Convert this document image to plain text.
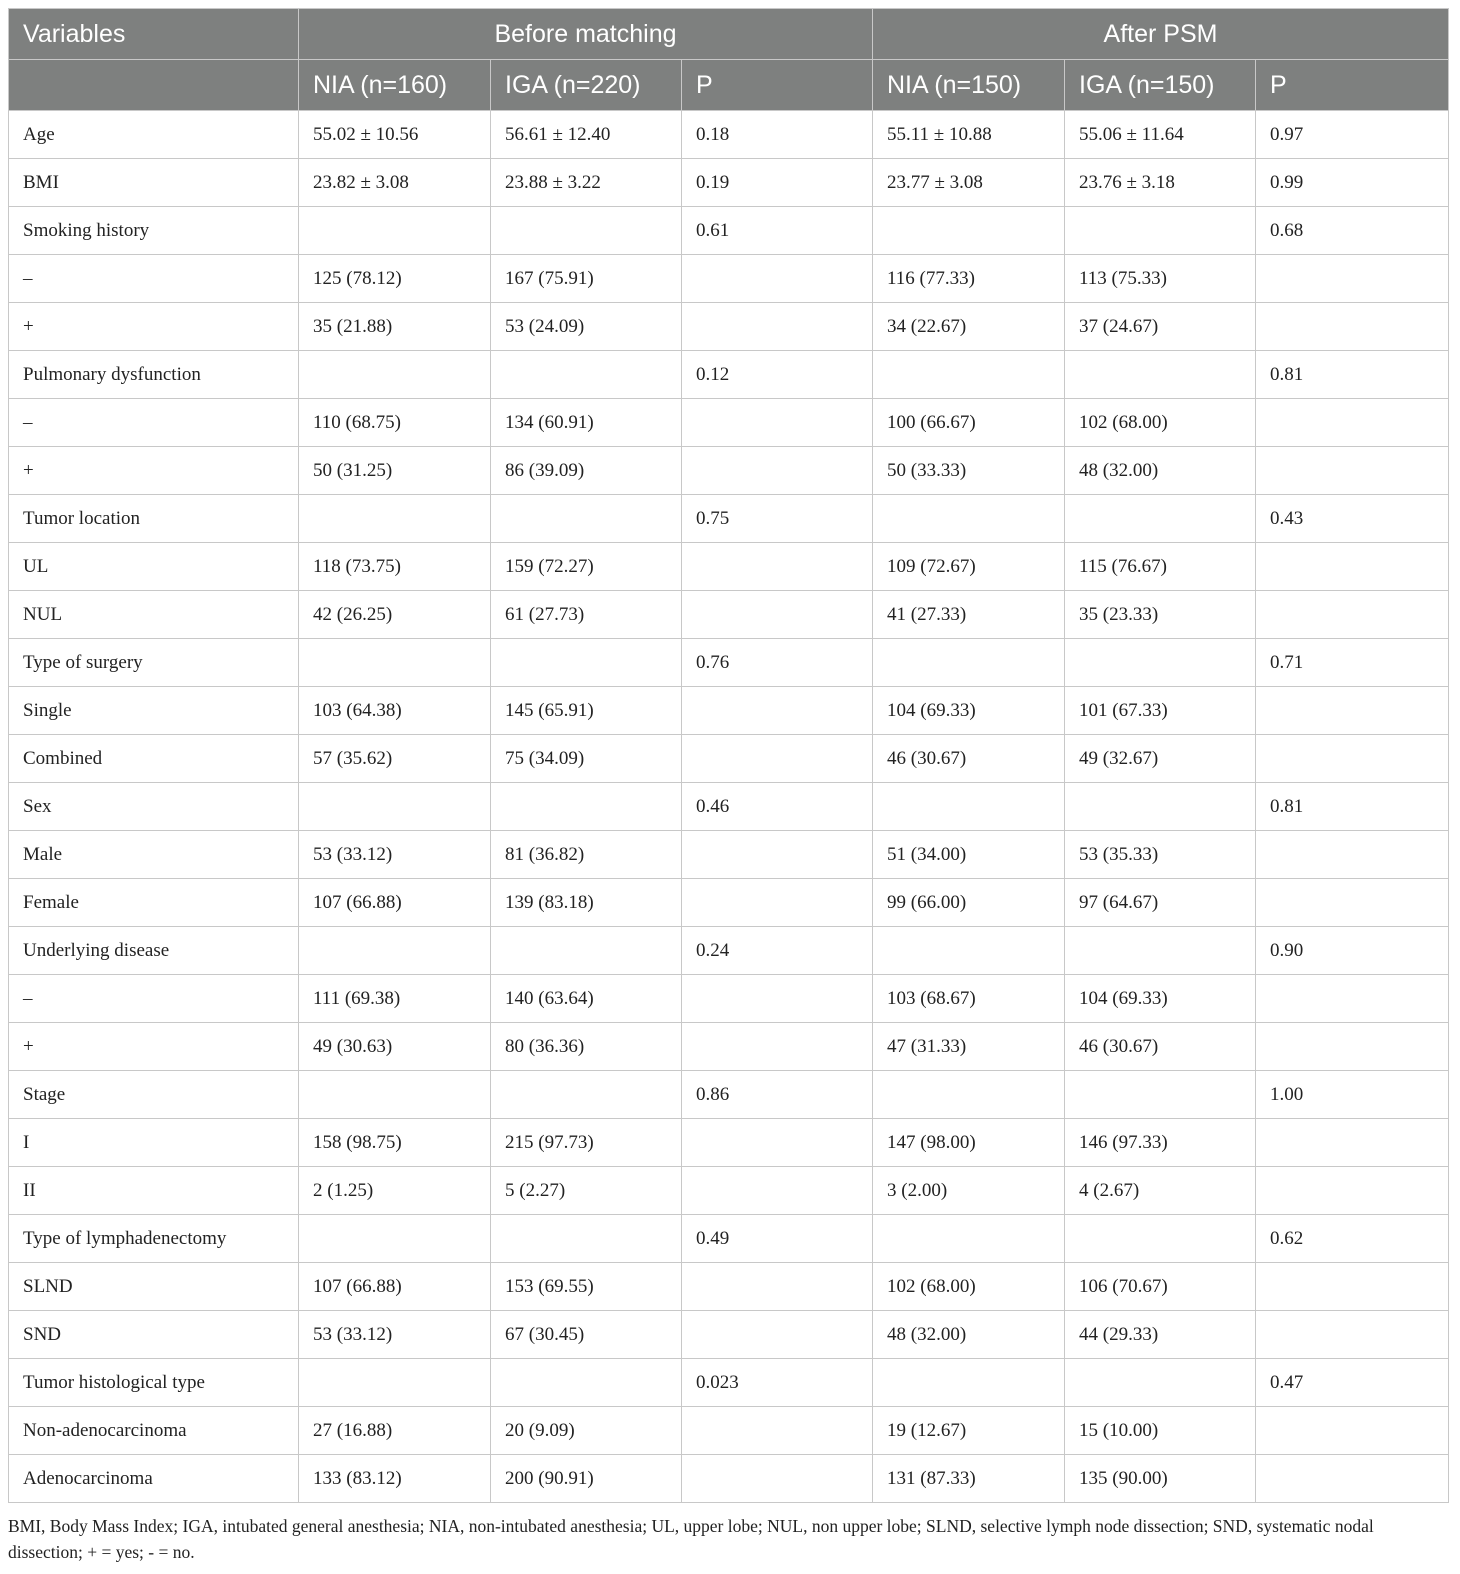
Variables	Before matching			After PSM		
	NIA (n=160)	IGA (n=220)	P	NIA (n=150)	IGA (n=150)	P
Age	55.02 ± 10.56	56.61 ± 12.40	0.18	55.11 ± 10.88	55.06 ± 11.64	0.97
BMI	23.82 ± 3.08	23.88 ± 3.22	0.19	23.77 ± 3.08	23.76 ± 3.18	0.99
Smoking history			0.61			0.68
–	125 (78.12)	167 (75.91)		116 (77.33)	113 (75.33)	
+	35 (21.88)	53 (24.09)		34 (22.67)	37 (24.67)	
Pulmonary dysfunction			0.12			0.81
–	110 (68.75)	134 (60.91)		100 (66.67)	102 (68.00)	
+	50 (31.25)	86 (39.09)		50 (33.33)	48 (32.00)	
Tumor location			0.75			0.43
UL	118 (73.75)	159 (72.27)		109 (72.67)	115 (76.67)	
NUL	42 (26.25)	61 (27.73)		41 (27.33)	35 (23.33)	
Type of surgery			0.76			0.71
Single	103 (64.38)	145 (65.91)		104 (69.33)	101 (67.33)	
Combined	57 (35.62)	75 (34.09)		46 (30.67)	49 (32.67)	
Sex			0.46			0.81
Male	53 (33.12)	81 (36.82)		51 (34.00)	53 (35.33)	
Female	107 (66.88)	139 (83.18)		99 (66.00)	97 (64.67)	
Underlying disease			0.24			0.90
–	111 (69.38)	140 (63.64)		103 (68.67)	104 (69.33)	
+	49 (30.63)	80 (36.36)		47 (31.33)	46 (30.67)	
Stage			0.86			1.00
I	158 (98.75)	215 (97.73)		147 (98.00)	146 (97.33)	
II	2 (1.25)	5 (2.27)		3 (2.00)	4 (2.67)	
Type of lymphadenectomy			0.49			0.62
SLND	107 (66.88)	153 (69.55)		102 (68.00)	106 (70.67)	
SND	53 (33.12)	67 (30.45)		48 (32.00)	44 (29.33)	
Tumor histological type			0.023			0.47
Non-adenocarcinoma	27 (16.88)	20 (9.09)		19 (12.67)	15 (10.00)	
Adenocarcinoma	133 (83.12)	200 (90.91)		131 (87.33)	135 (90.00)	
BMI, Body Mass Index; IGA, intubated general anesthesia; NIA, non-intubated anesthesia; UL, upper lobe; NUL, non upper lobe; SLND, selective lymph node dissection; SND, systematic nodal dissection; + = yes; - = no.
